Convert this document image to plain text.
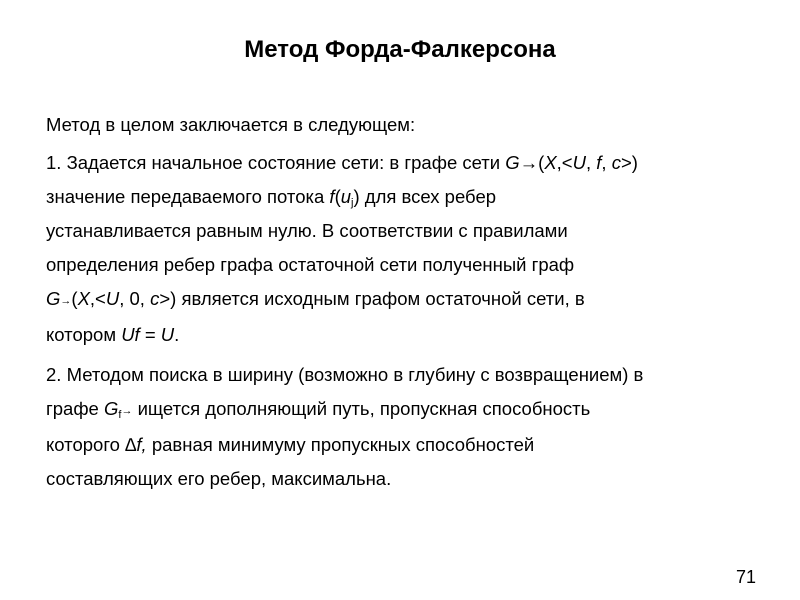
Метод Форда-Фалкерсона

Метод в целом заключается в следующем:

1. Задается начальное состояние сети: в графе сети G→(X,<U, f, c>)
значение передаваемого потока $f(u_j)$ для всех ребер
устанавливается равным нулю. В соответствии с правилами
определения ребер графа остаточной сети полученный граф
G→(X,<U, 0, c>) является исходным графом остаточной сети, в
котором Uf = U.

2. Методом поиска в ширину (возможно в глубину с возвращением) в
графе $G_f\to$ ищется дополняющий путь, пропускная способность
которого ∆f, равная минимуму пропускных способностей
составляющих его ребер, максимальна.

71
